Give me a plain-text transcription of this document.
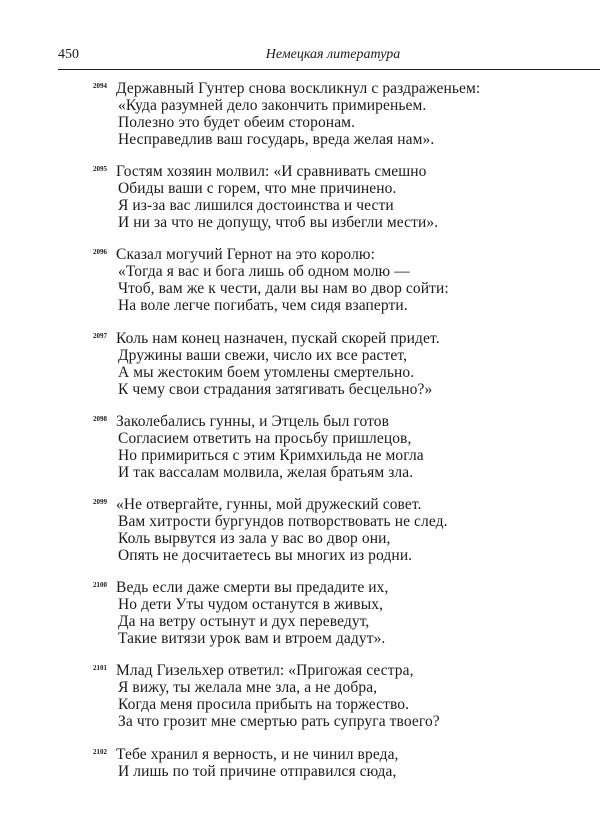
450	Немецкая литература
2094 Державный Гунтер снова воскликнул с раздраженьем:
«Куда разумней дело закончить примиреньем.
Полезно это будет обеим сторонам.
Несправедлив ваш государь, вреда желая нам».
2095 Гостям хозяин молвил: «И сравнивать смешно
Обиды ваши с горем, что мне причинено.
Я из-за вас лишился достоинства и чести
И ни за что не допущу, чтоб вы избегли мести».
2096 Сказал могучий Гернот на это королю:
«Тогда я вас и бога лишь об одном молю —
Чтоб, вам же к чести, дали вы нам во двор сойти:
На воле легче погибать, чем сидя взаперти.
2097 Коль нам конец назначен, пускай скорей придет.
Дружины ваши свежи, число их все растет,
А мы жестоким боем утомлены смертельно.
К чему свои страдания затягивать бесцельно?»
2098 Заколебались гунны, и Этцель был готов
Согласием ответить на просьбу пришлецов,
Но примириться с этим Кримхильда не могла
И так вассалам молвила, желая братьям зла.
2099 «Не отвергайте, гунны, мой дружеский совет.
Вам хитрости бургундов потворствовать не след.
Коль вырвутся из зала у вас во двор они,
Опять не досчитаетесь вы многих из родни.
2100 Ведь если даже смерти вы предадите их,
Но дети Уты чудом останутся в живых,
Да на ветру остынут и дух переведут,
Такие витязи урок вам и втроем дадут».
2101 Млад Гизельхер ответил: «Пригожая сестра,
Я вижу, ты желала мне зла, а не добра,
Когда меня просила прибыть на торжество.
За что грозит мне смертью рать супруга твоего?
2102 Тебе хранил я верность, и не чинил вреда,
И лишь по той причине отправился сюда,
